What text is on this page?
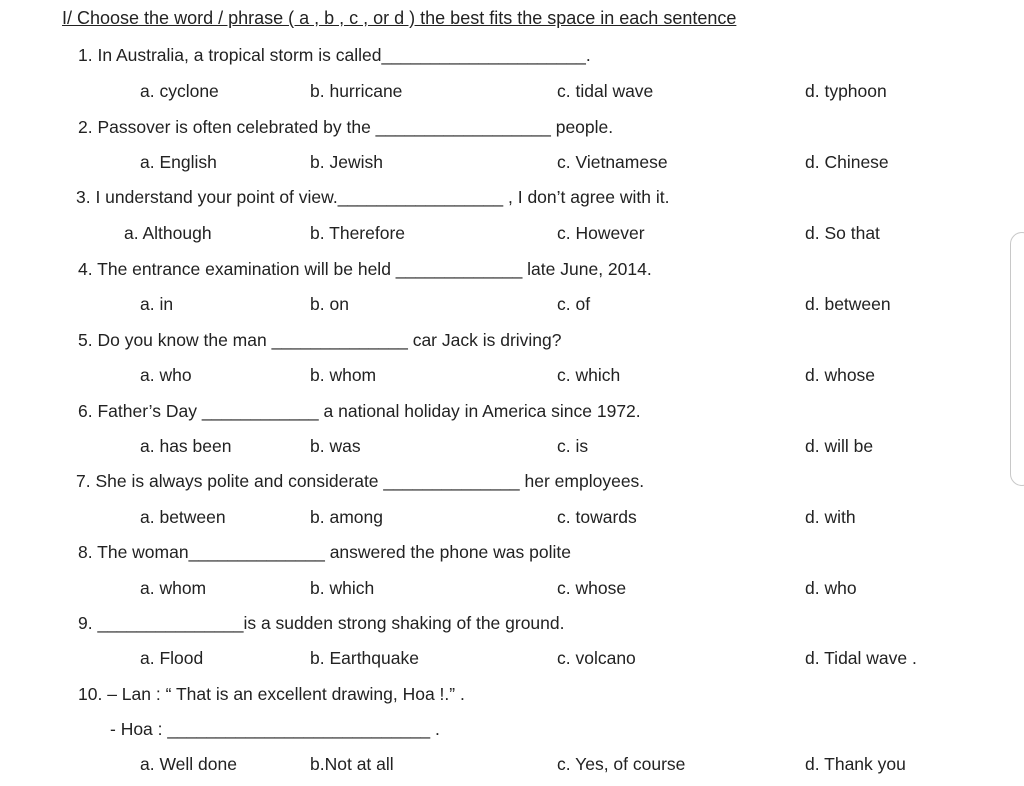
I/ Choose the word / phrase ( a , b , c , or d ) the best fits the space in each sentence
1. In Australia, a tropical storm is called_____________________.
a. cyclone	b. hurricane	c. tidal wave	d. typhoon
2. Passover is often celebrated by the __________________ people.
a. English	b. Jewish	c. Vietnamese	d. Chinese
3. I understand your point of view._________________ , I don’t agree with it.
a. Although	b. Therefore	c. However	d. So that
4. The entrance examination will be held _____________ late June, 2014.
a. in	b. on	c. of	d. between
5. Do you know the man ______________ car Jack is driving?
a. who	b. whom	c. which	d. whose
6. Father’s Day ____________ a national holiday in America since 1972.
a. has been	b. was	c. is	d. will be
7. She is always polite and considerate ______________ her employees.
a. between	b. among	c. towards	d. with
8. The woman______________ answered the phone was polite
a. whom	b. which	c. whose	d. who
9. _______________is a sudden strong shaking of the ground.
a. Flood	b. Earthquake	c. volcano	d. Tidal wave .
10. – Lan : “ That is an excellent drawing, Hoa !.” .
- Hoa : ___________________________ .
a. Well done	b.Not at all	c. Yes, of course	d. Thank you
